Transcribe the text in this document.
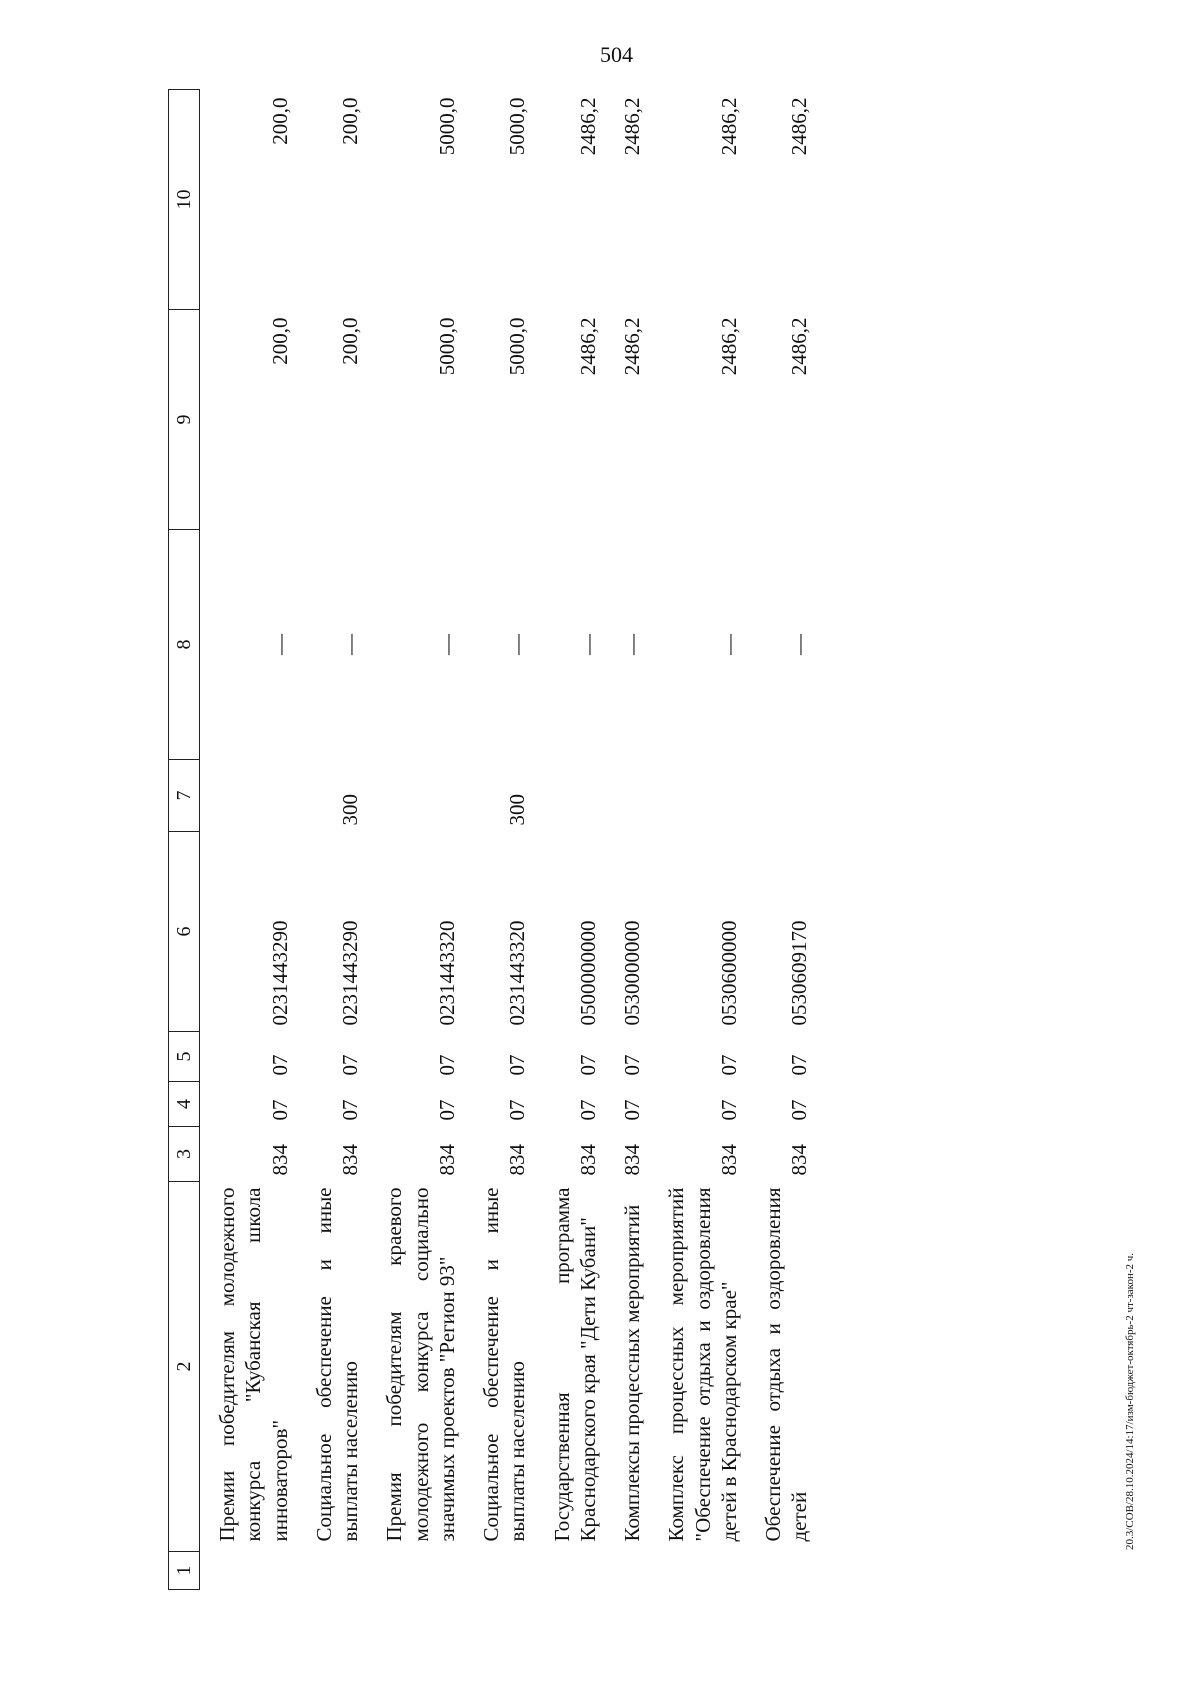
504
1	2	3	4	5	6	7	8	9	10
	Премии победителям молодежного конкурса "Кубанская школа инноваторов"	834	07	07	0231443290		—	200,0	200,0
	Социальное обеспечение и иные выплаты населению	834	07	07	0231443290	300	—	200,0	200,0
	Премия победителям краевого молодежного конкурса социально значимых проектов "Регион 93"	834	07	07	0231443320		—	5000,0	5000,0
	Социальное обеспечение и иные выплаты населению	834	07	07	0231443320	300	—	5000,0	5000,0
	Государственная программа Краснодарского края "Дети Кубани"	834	07	07	0500000000		—	2486,2	2486,2
	Комплексы процессных мероприятий	834	07	07	0530000000		—	2486,2	2486,2
	Комплекс процессных мероприятий "Обеспечение отдыха и оздоровления детей в Краснодарском крае"	834	07	07	0530600000		—	2486,2	2486,2
	Обеспечение отдыха и оздоровления детей	834	07	07	0530609170		—	2486,2	2486,2
20.3/СОВ/28.10.2024/14:17/изм-бюджет-октябрь-2 чт-закон-2 ч.
